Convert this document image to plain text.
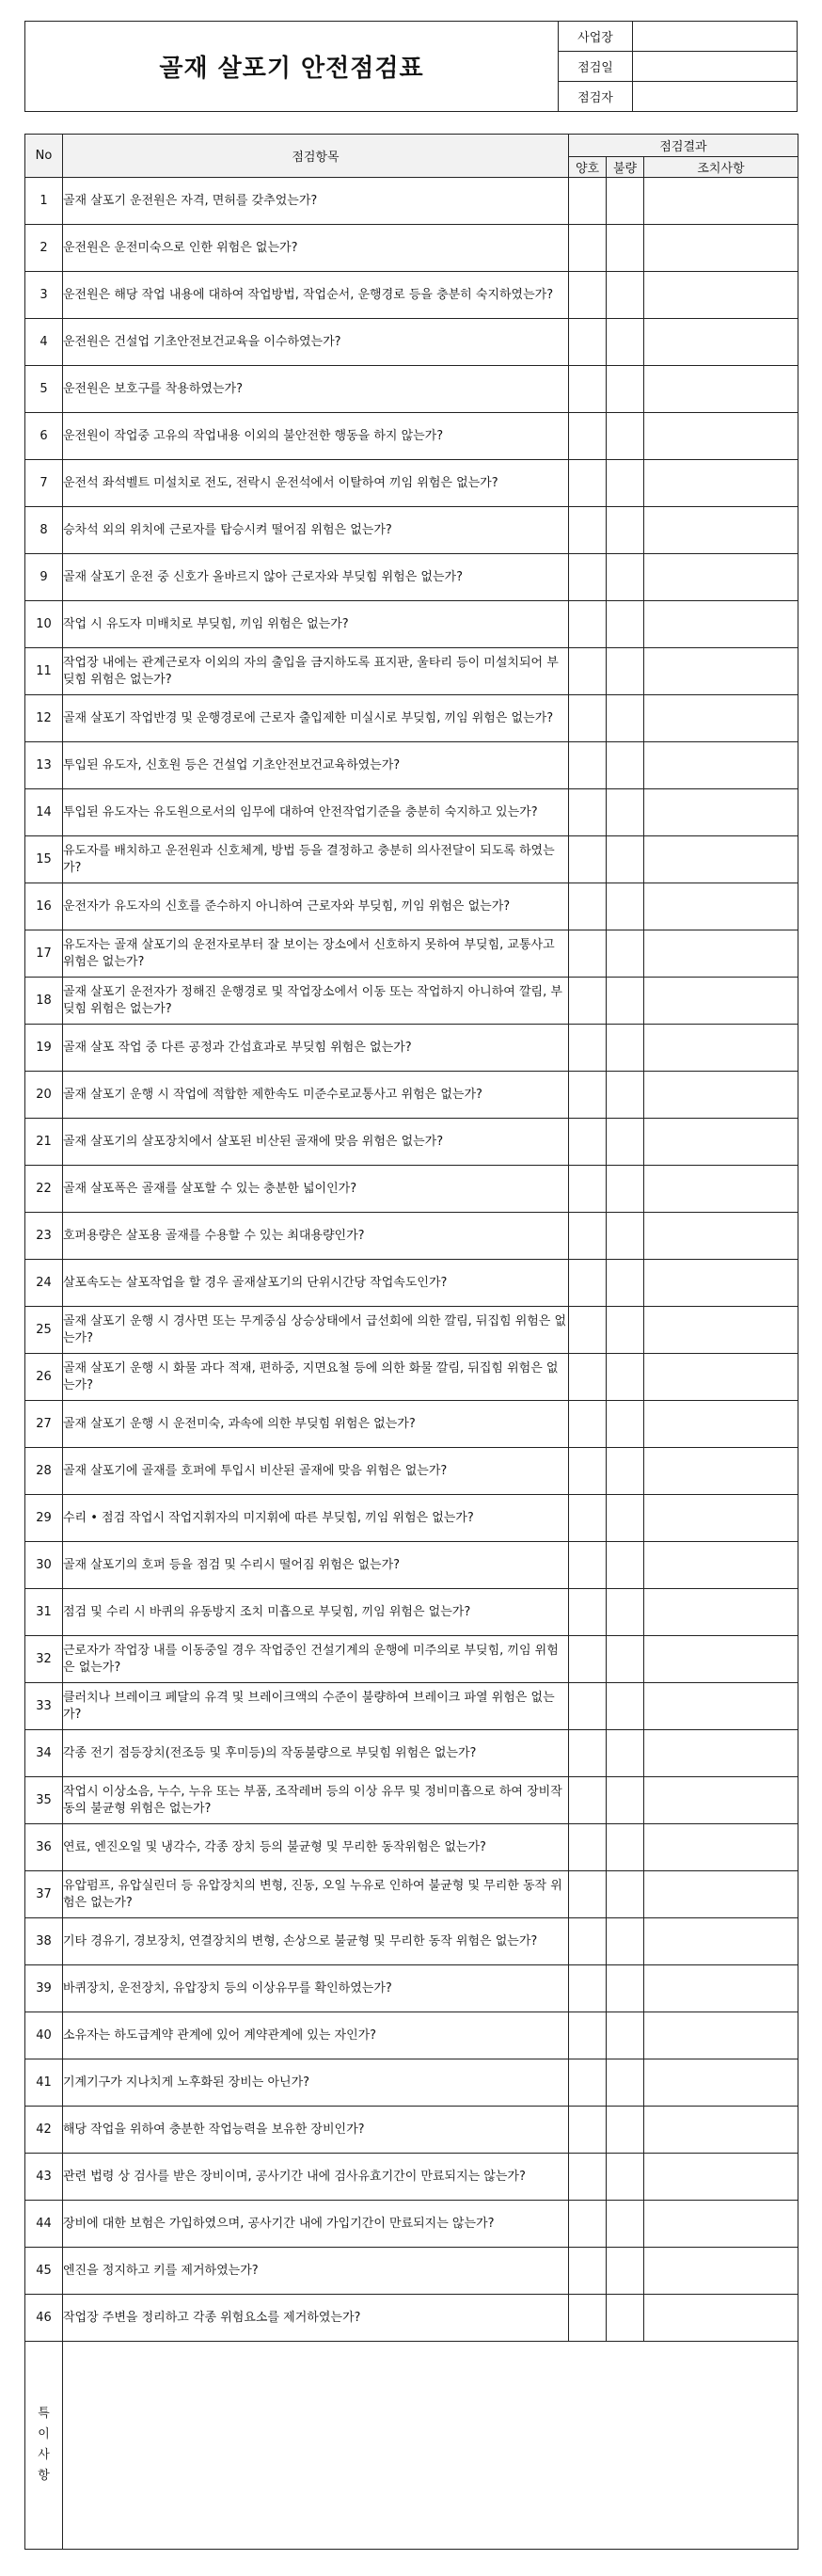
골재 살포기 안전점검표
사업장
점검일
점검자
No	점검항목	점검결과		
		양호	불량	조치사항
1	골재 살포기 운전원은 자격, 면허를 갖추었는가?			
2	운전원은 운전미숙으로 인한 위험은 없는가?			
3	운전원은 해당 작업 내용에 대하여 작업방법, 작업순서, 운행경로 등을 충분히 숙지하였는가?			
4	운전원은 건설업 기초안전보건교육을 이수하였는가?			
5	운전원은 보호구를 착용하였는가?			
6	운전원이 작업중 고유의 작업내용 이외의 불안전한 행동을 하지 않는가?			
7	운전석 좌석벨트 미설치로 전도, 전락시 운전석에서 이탈하여 끼임 위험은 없는가?			
8	승차석 외의 위치에 근로자를 탑승시켜 떨어짐 위험은 없는가?			
9	골재 살포기 운전 중 신호가 올바르지 않아 근로자와 부딪힘 위험은 없는가?			
10	작업 시 유도자 미배치로 부딪힘, 끼임 위험은 없는가?			
11	작업장 내에는 관계근로자 이외의 자의 출입을 금지하도록 표지판, 울타리 등이 미설치되어 부딪힘 위험은 없는가?			
12	골재 살포기 작업반경 및 운행경로에 근로자 출입제한 미실시로 부딪힘, 끼임 위험은 없는가?			
13	투입된 유도자, 신호원 등은 건설업 기초안전보건교육하였는가?			
14	투입된 유도자는 유도원으로서의 임무에 대하여 안전작업기준을 충분히 숙지하고 있는가?			
15	유도자를 배치하고 운전원과 신호체계, 방법 등을 결정하고 충분히 의사전달이 되도록 하였는가?			
16	운전자가 유도자의 신호를 준수하지 아니하여 근로자와 부딪힘, 끼임 위험은 없는가?			
17	유도자는 골재 살포기의 운전자로부터 잘 보이는 장소에서 신호하지 못하여 부딪힘, 교통사고 위험은 없는가?			
18	골재 살포기 운전자가 정해진 운행경로 및 작업장소에서 이동 또는 작업하지 아니하여 깔림, 부딪힘 위험은 없는가?			
19	골재 살포 작업 중 다른 공정과 간섭효과로 부딪힘 위험은 없는가?			
20	골재 살포기 운행 시 작업에 적합한 제한속도 미준수로교통사고 위험은 없는가?			
21	골재 살포기의 살포장치에서 살포된 비산된 골재에 맞음 위험은 없는가?			
22	골재 살포폭은 골재를 살포할 수 있는 충분한 넓이인가?			
23	호퍼용량은 살포용 골재를 수용할 수 있는 최대용량인가?			
24	살포속도는 살포작업을 할 경우 골재살포기의 단위시간당 작업속도인가?			
25	골재 살포기 운행 시 경사면 또는 무게중심 상승상태에서 급선회에 의한 깔림, 뒤집힘 위험은 없는가?			
26	골재 살포기 운행 시 화물 과다 적재, 편하중, 지면요철 등에 의한 화물 깔림, 뒤집힘 위험은 없는가?			
27	골재 살포기 운행 시 운전미숙, 과속에 의한 부딪힘 위험은 없는가?			
28	골재 살포기에 골재를 호퍼에 투입시 비산된 골재에 맞음 위험은 없는가?			
29	수리 • 점검 작업시 작업지휘자의 미지휘에 따른 부딪힘, 끼임 위험은 없는가?			
30	골재 살포기의 호퍼 등을 점검 및 수리시 떨어짐 위험은 없는가?			
31	점검 및 수리 시 바퀴의 유동방지 조치 미흡으로 부딪힘, 끼임 위험은 없는가?			
32	근로자가 작업장 내를 이동중일 경우 작업중인 건설기계의 운행에 미주의로 부딪힘, 끼임 위험은 없는가?			
33	클러치나 브레이크 페달의 유격 및 브레이크액의 수준이 불량하여 브레이크 파열 위험은 없는가?			
34	각종 전기 점등장치(전조등 및 후미등)의 작동불량으로 부딪힘 위험은 없는가?			
35	작업시 이상소음, 누수, 누유 또는 부품, 조작레버 등의 이상 유무 및 정비미흡으로 하여 장비작동의 불균형 위험은 없는가?			
36	연료, 엔진오일 및 냉각수, 각종 장치 등의 불균형 및 무리한 동작위험은 없는가?			
37	유압펌프, 유압실린더 등 유압장치의 변형, 진동, 오일 누유로 인하여 불균형 및 무리한 동작 위험은 없는가?			
38	기타 경유기, 경보장치, 연결장치의 변형, 손상으로 불균형 및 무리한 동작 위험은 없는가?			
39	바퀴장치, 운전장치, 유압장치 등의 이상유무를 확인하였는가?			
40	소유자는 하도급계약 관계에 있어 계약관계에 있는 자인가?			
41	기계기구가 지나치게 노후화된 장비는 아닌가?			
42	해당 작업을 위하여 충분한 작업능력을 보유한 장비인가?			
43	관련 법령 상 검사를 받은 장비이며, 공사기간 내에 검사유효기간이 만료되지는 않는가?			
44	장비에 대한 보험은 가입하였으며, 공사기간 내에 가입기간이 만료되지는 않는가?			
45	엔진을 정지하고 키를 제거하였는가?			
46	작업장 주변을 정리하고 각종 위험요소를 제거하였는가?			
특이사항				
